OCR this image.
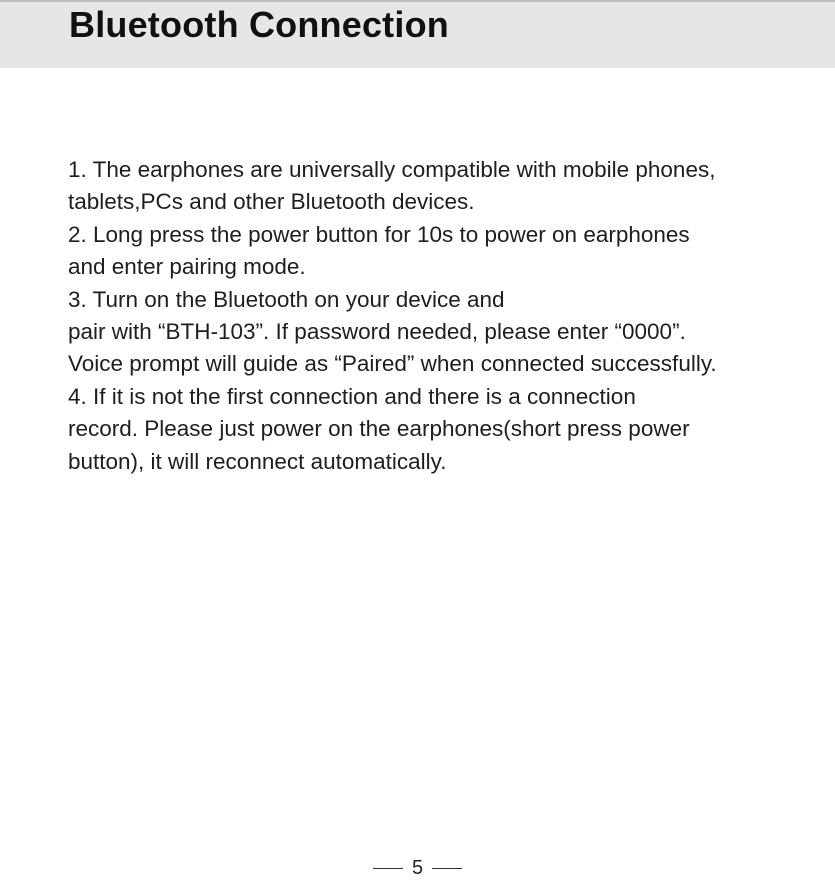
Bluetooth Connection
1. The earphones are universally compatible with mobile phones,
tablets,PCs and other Bluetooth devices.
2. Long press the power button for 10s to power on earphones
and enter pairing mode.
3. Turn on the Bluetooth on your device and
pair with “BTH-103”. If password needed, please enter “0000”.
Voice prompt will guide as “Paired” when connected successfully.
4. If it is not the first connection and there is a connection
record. Please just power on the earphones(short press power
button), it will reconnect automatically.
5
